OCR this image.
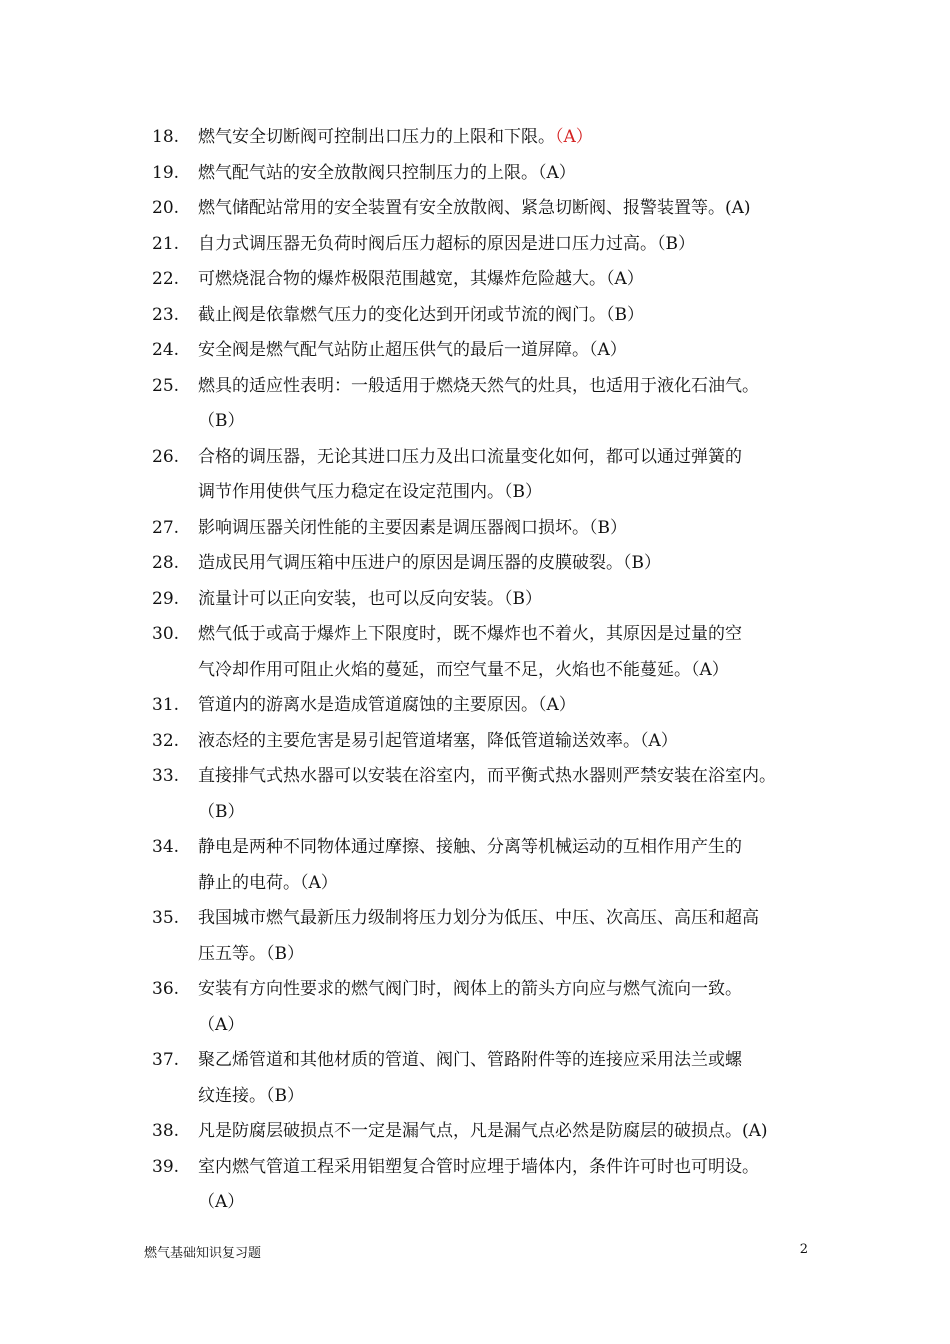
18.	燃气安全切断阀可控制出口压力的上限和下限。（A）
19.	燃气配气站的安全放散阀只控制压力的上限。（A）
20.	燃气储配站常用的安全装置有安全放散阀、紧急切断阀、报警装置等。(A)
21.	自力式调压器无负荷时阀后压力超标的原因是进口压力过高。（B）
22.	可燃烧混合物的爆炸极限范围越宽，其爆炸危险越大。（A）
23.	截止阀是依靠燃气压力的变化达到开闭或节流的阀门。（B）
24.	安全阀是燃气配气站防止超压供气的最后一道屏障。（A）
25.	燃具的适应性表明：一般适用于燃烧天然气的灶具，也适用于液化石油气。
（B）
26.	合格的调压器，无论其进口压力及出口流量变化如何，都可以通过弹簧的
调节作用使供气压力稳定在设定范围内。（B）
27.	影响调压器关闭性能的主要因素是调压器阀口损坏。（B）
28.	造成民用气调压箱中压进户的原因是调压器的皮膜破裂。（B）
29.	流量计可以正向安装，也可以反向安装。（B）
30.	燃气低于或高于爆炸上下限度时，既不爆炸也不着火，其原因是过量的空
气冷却作用可阻止火焰的蔓延，而空气量不足，火焰也不能蔓延。（A）
31.	管道内的游离水是造成管道腐蚀的主要原因。（A）
32.	液态烃的主要危害是易引起管道堵塞，降低管道输送效率。（A）
33.	直接排气式热水器可以安装在浴室内，而平衡式热水器则严禁安装在浴室内。
（B）
34.	静电是两种不同物体通过摩擦、接触、分离等机械运动的互相作用产生的
静止的电荷。（A）
35.	我国城市燃气最新压力级制将压力划分为低压、中压、次高压、高压和超高
压五等。（B）
36.	安装有方向性要求的燃气阀门时，阀体上的箭头方向应与燃气流向一致。
（A）
37.	聚乙烯管道和其他材质的管道、阀门、管路附件等的连接应采用法兰或螺
纹连接。（B）
38.	凡是防腐层破损点不一定是漏气点，凡是漏气点必然是防腐层的破损点。(A)
39.	室内燃气管道工程采用铝塑复合管时应埋于墙体内，条件许可时也可明设。
（A）
燃气基础知识复习题	2
